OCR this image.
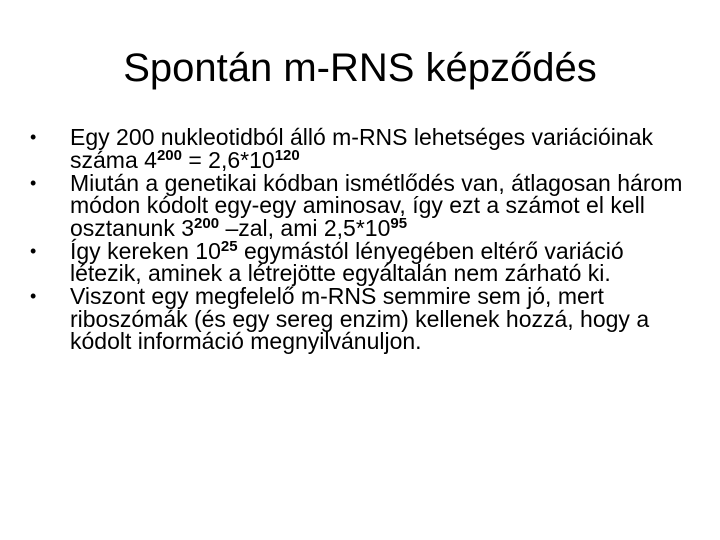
Spontán m-RNS képződés
•	Egy 200 nukleotidból álló m-RNS lehetséges variációinak száma $4^{200} = 2,6*10^{120}$
•	Miután a genetikai kódban ismétlődés van, átlagosan három módon kódolt egy-egy aminosav, így ezt a számot el kell osztanunk $3^{200}$ –zal, ami $2,5*10^{95}$
•	Így kereken $10^{25}$ egymástól lényegében eltérő variáció létezik, aminek a létrejötte egyáltalán nem zárható ki.
•	Viszont egy megfelelő m-RNS semmire sem jó, mert riboszómák (és egy sereg enzim) kellenek hozzá, hogy a kódolt információ megnyilvánuljon.
